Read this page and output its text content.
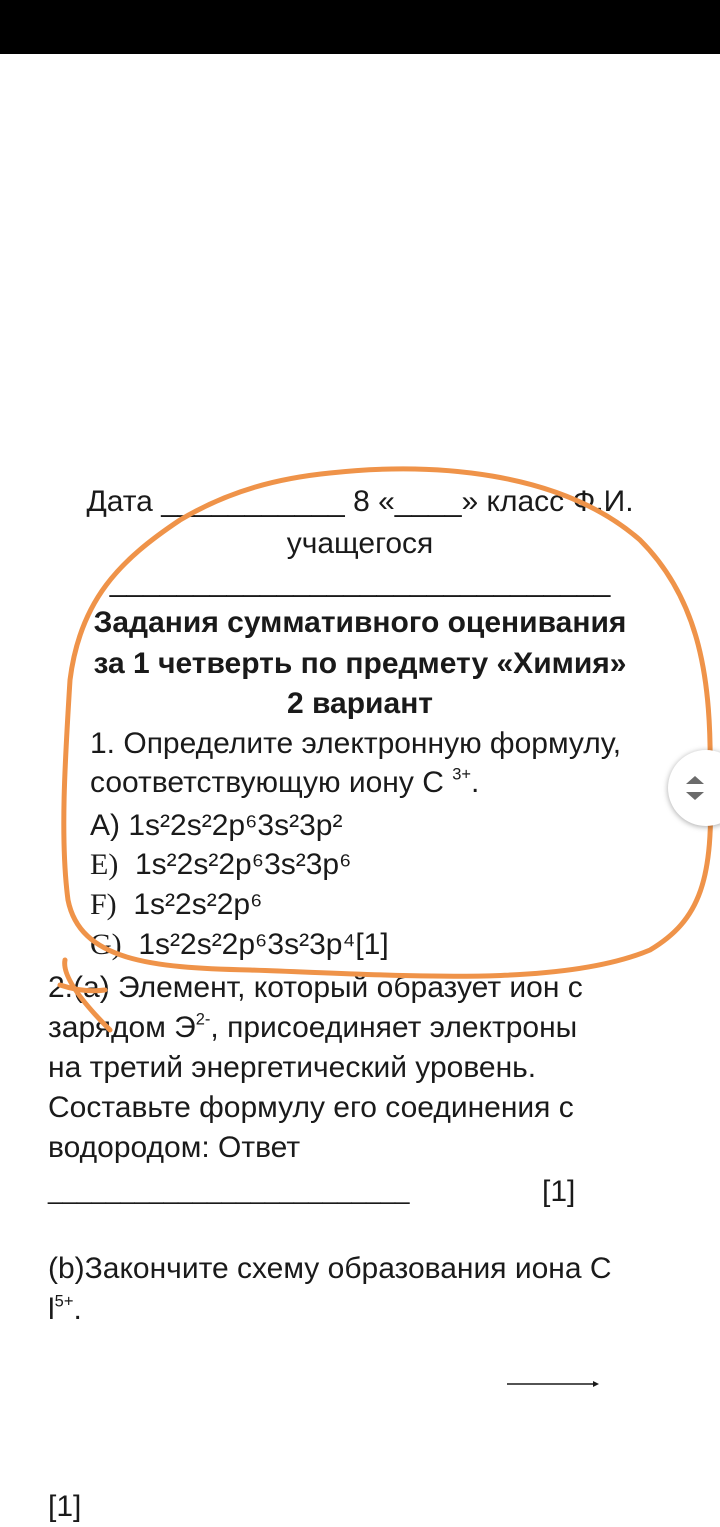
Дата ___________ 8 «____» класс Ф.И.

учащегося

______________________________

Задания суммативного оценивания

за 1 четверть по предмету «Химия»

2 вариант

1. Определите электронную формулу,

соответствующую иону С $^{3+}$.

А) 1s²2s²2p⁶3s²3p²

E) 1s²2s²2p⁶3s²3p⁶

F) 1s²2s²2p⁶

G) 1s²2s²2p⁶3s²3p⁴[1]

2.(a) Элемент, который образует ион с

зарядом $Э^{2-}$, присоединяет электроны

на третий энергетический уровень.

Составьте формулу его соединения с

водородом: Ответ

_________________________	[1]

(b)Закончите схему образования иона С

$l^{5+}$.

[1]
